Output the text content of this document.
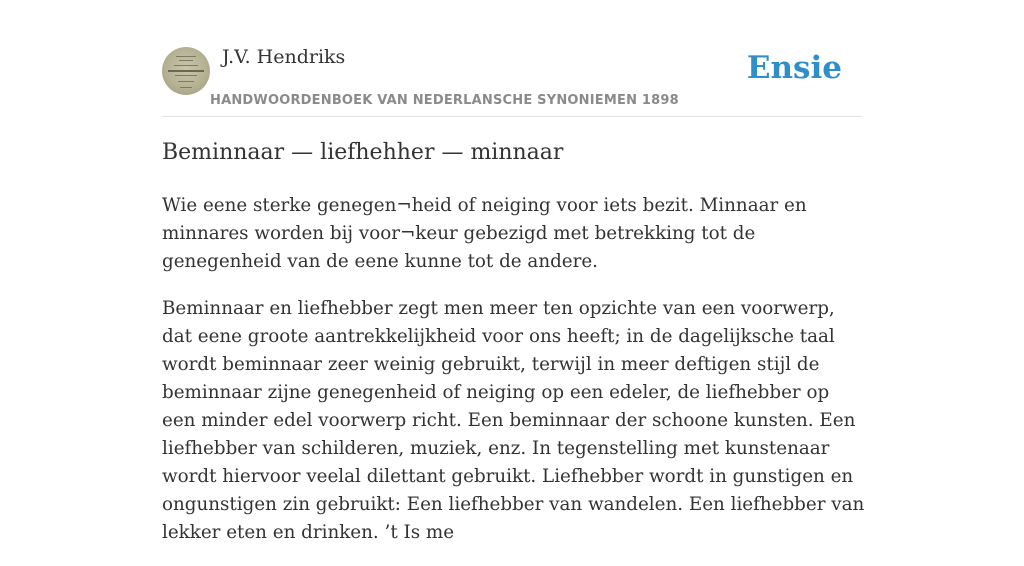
J.V. Hendriks
HANDWOORDENBOEK VAN NEDERLANSCHE SYNONIEMEN 1898
Ensie
Beminnaar — liefhehher — minnaar

Wie eene sterke genegen¬heid of neiging voor iets bezit. Minnaar en minnares worden bij voor¬keur gebezigd met betrekking tot de genegenheid van de eene kunne tot de andere.

Beminnaar en liefhebber zegt men meer ten opzichte van een voorwerp, dat eene groote aantrekkelijkheid voor ons heeft; in de dagelijksche taal wordt beminnaar zeer weinig gebruikt, terwijl in meer deftigen stijl de beminnaar zijne genegenheid of neiging op een edeler, de liefhebber op een minder edel voorwerp richt. Een beminnaar der schoone kunsten. Een liefhebber van schilderen, muziek, enz. In tegenstelling met kunstenaar wordt hiervoor veelal dilettant gebruikt. Liefhebber wordt in gunstigen en ongunstigen zin gebruikt: Een liefhebber van wandelen. Een liefhebber van lekker eten en drinken. ’t Is me
